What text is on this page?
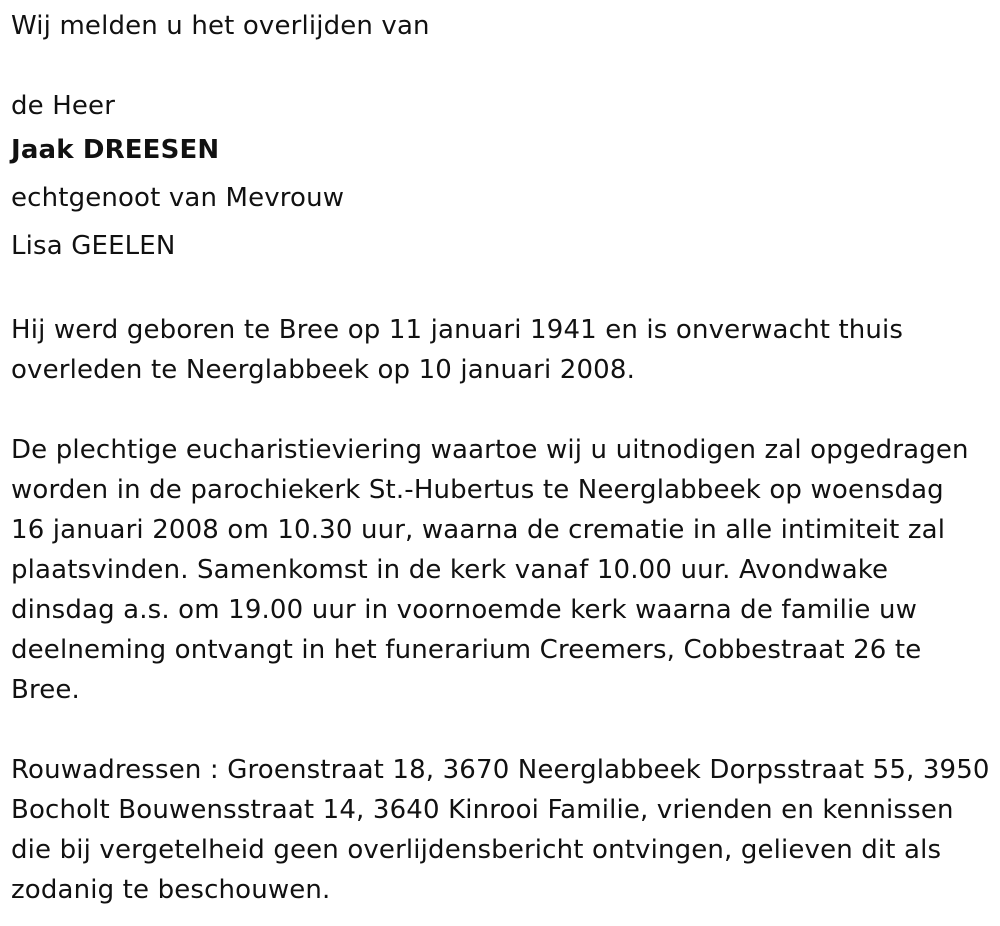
Wij melden u het overlijden van
de Heer
Jaak DREESEN
echtgenoot van Mevrouw
Lisa GEELEN
Hij werd geboren te Bree op 11 januari 1941 en is onverwacht thuis
overleden te Neerglabbeek op 10 januari 2008.
De plechtige eucharistieviering waartoe wij u uitnodigen zal opgedragen
worden in de parochiekerk St.-Hubertus te Neerglabbeek op woensdag
16 januari 2008 om 10.30 uur, waarna de crematie in alle intimiteit zal
plaatsvinden. Samenkomst in de kerk vanaf 10.00 uur. Avondwake
dinsdag a.s. om 19.00 uur in voornoemde kerk waarna de familie uw
deelneming ontvangt in het funerarium Creemers, Cobbestraat 26 te
Bree.
Rouwadressen : Groenstraat 18, 3670 Neerglabbeek Dorpsstraat 55, 3950
Bocholt Bouwensstraat 14, 3640 Kinrooi Familie, vrienden en kennissen
die bij vergetelheid geen overlijdensbericht ontvingen, gelieven dit als
zodanig te beschouwen.
